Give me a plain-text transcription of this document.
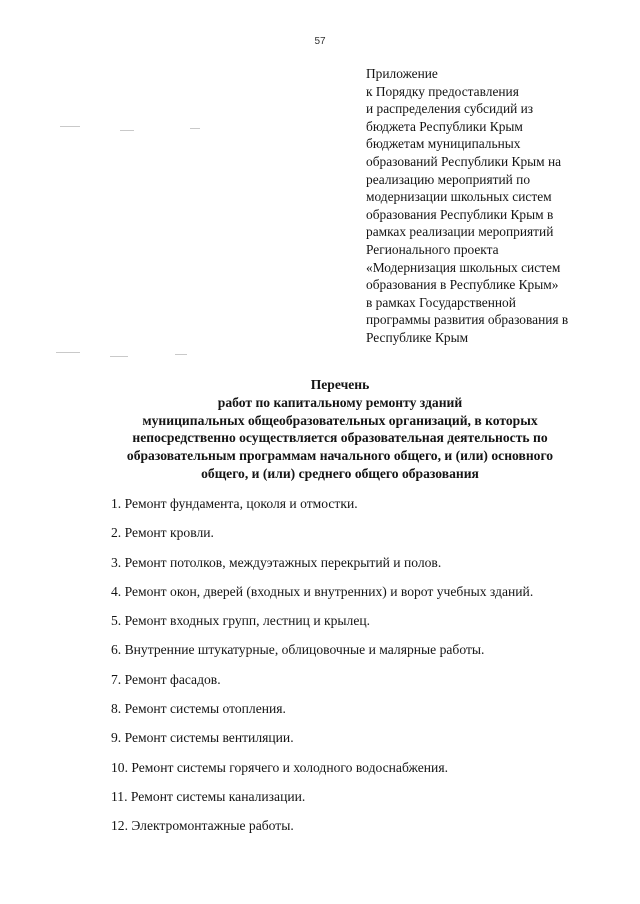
57
Приложение
к Порядку предоставления
и распределения субсидий из
бюджета Республики Крым
бюджетам муниципальных
образований Республики Крым на
реализацию мероприятий по
модернизации школьных систем
образования Республики Крым в
рамках реализации мероприятий
Регионального проекта
«Модернизация школьных систем
образования в Республике Крым»
в рамках Государственной
программы развития образования в
Республике Крым
Перечень
работ по капитальному ремонту зданий
муниципальных общеобразовательных организаций, в которых
непосредственно осуществляется образовательная деятельность по
образовательным программам начального общего, и (или) основного
общего, и (или) среднего общего образования
1. Ремонт фундамента, цоколя и отмостки.
2. Ремонт кровли.
3. Ремонт потолков, междуэтажных перекрытий и полов.
4. Ремонт окон, дверей (входных и внутренних) и ворот учебных зданий.
5. Ремонт входных групп, лестниц и крылец.
6. Внутренние штукатурные, облицовочные и малярные работы.
7. Ремонт фасадов.
8. Ремонт системы отопления.
9. Ремонт системы вентиляции.
10. Ремонт системы горячего и холодного водоснабжения.
11. Ремонт системы канализации.
12. Электромонтажные работы.
